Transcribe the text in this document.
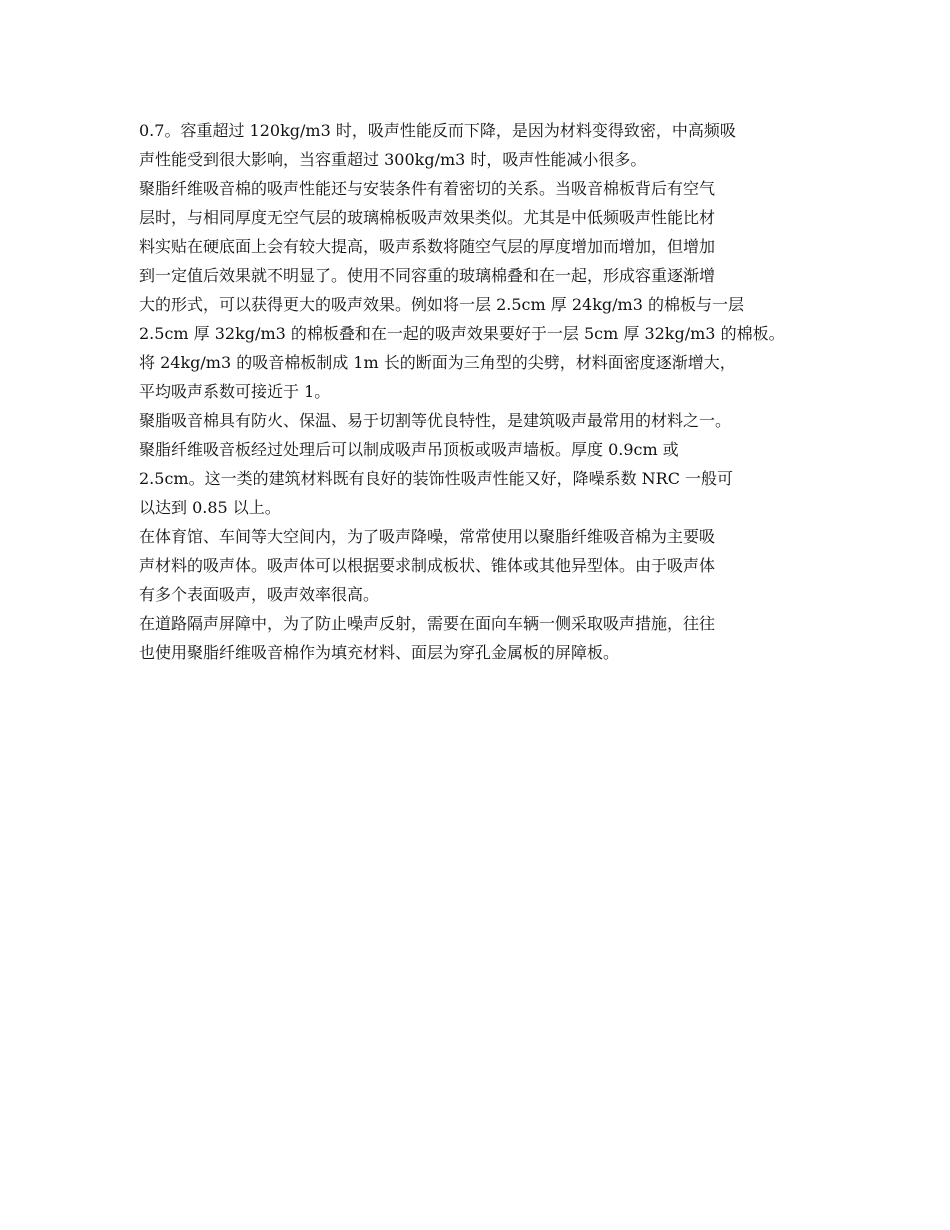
0.7。容重超过 120kg/m3 时，吸声性能反而下降，是因为材料变得致密，中高频吸
声性能受到很大影响，当容重超过 300kg/m3 时，吸声性能减小很多。
聚脂纤维吸音棉的吸声性能还与安装条件有着密切的关系。当吸音棉板背后有空气
层时，与相同厚度无空气层的玻璃棉板吸声效果类似。尤其是中低频吸声性能比材
料实贴在硬底面上会有较大提高，吸声系数将随空气层的厚度增加而增加，但增加
到一定值后效果就不明显了。使用不同容重的玻璃棉叠和在一起，形成容重逐渐增
大的形式，可以获得更大的吸声效果。例如将一层 2.5cm 厚 24kg/m3 的棉板与一层
2.5cm 厚 32kg/m3 的棉板叠和在一起的吸声效果要好于一层 5cm 厚 32kg/m3 的棉板。
将 24kg/m3 的吸音棉板制成 1m 长的断面为三角型的尖劈，材料面密度逐渐增大，
平均吸声系数可接近于 1。
聚脂吸音棉具有防火、保温、易于切割等优良特性，是建筑吸声最常用的材料之一。
聚脂纤维吸音板经过处理后可以制成吸声吊顶板或吸声墙板。厚度 0.9cm 或
2.5cm。这一类的建筑材料既有良好的装饰性吸声性能又好，降噪系数 NRC 一般可
以达到 0.85 以上。
在体育馆、车间等大空间内，为了吸声降噪，常常使用以聚脂纤维吸音棉为主要吸
声材料的吸声体。吸声体可以根据要求制成板状、锥体或其他异型体。由于吸声体
有多个表面吸声，吸声效率很高。
在道路隔声屏障中，为了防止噪声反射，需要在面向车辆一侧采取吸声措施，往往
也使用聚脂纤维吸音棉作为填充材料、面层为穿孔金属板的屏障板。
